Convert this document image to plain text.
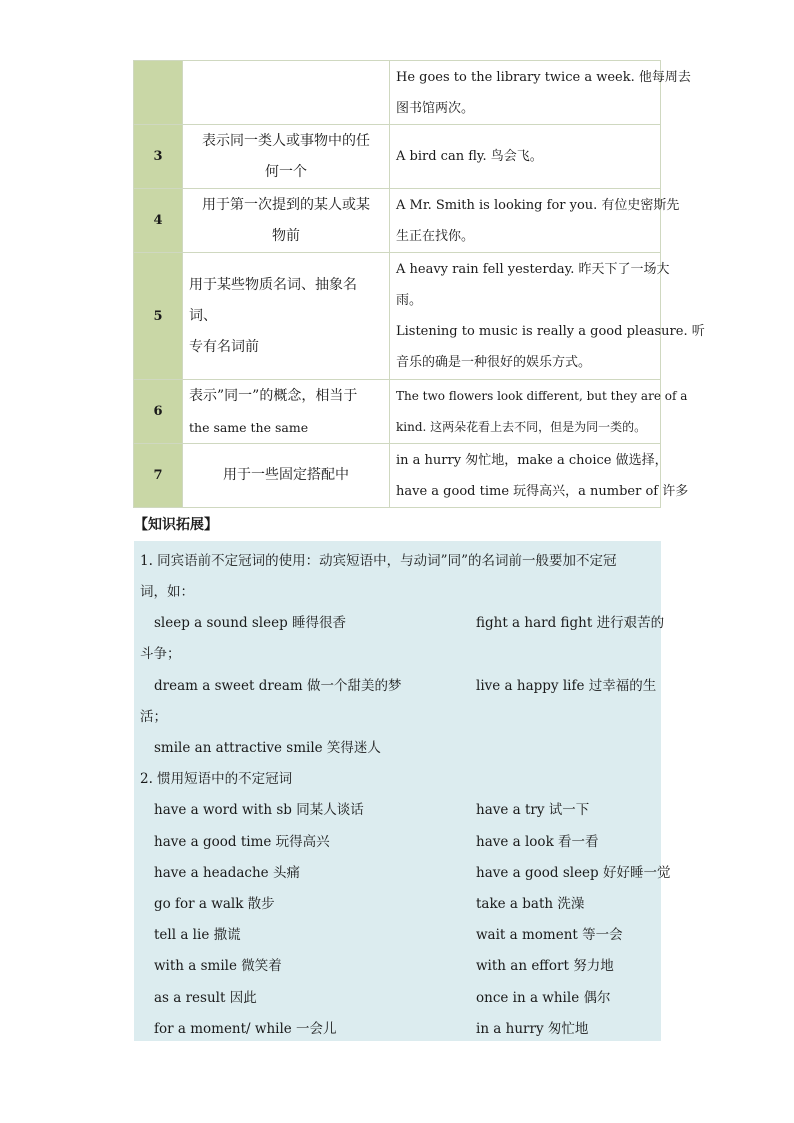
		He goes to the library twice a week. 他每周去
图书馆两次。

3	表示同一类人或事物中的任
何一个	A bird can fly. 鸟会飞。

4	用于第一次提到的某人或某
物前	A Mr. Smith is looking for you. 有位史密斯先
生正在找你。

5	用于某些物质名词、抽象名词、
专有名词前	A heavy rain fell yesterday. 昨天下了一场大
雨。
Listening to music is really a good pleasure. 听
音乐的确是一种很好的娱乐方式。

6	表示”同一”的概念，相当于
the same the same	The two flowers look different, but they are of a
kind. 这两朵花看上去不同，但是为同一类的。

7	用于一些固定搭配中	in a hurry 匆忙地，make a choice 做选择，
have a good time 玩得高兴，a number of 许多
【知识拓展】
1. 同宾语前不定冠词的使用：动宾短语中，与动词”同”的名词前一般要加不定冠
词，如：
sleep a sound sleep 睡得很香	fight a hard fight 进行艰苦的
斗争；
dream a sweet dream 做一个甜美的梦	live a happy life 过幸福的生
活；
smile an attractive smile 笑得迷人
2. 惯用短语中的不定冠词
have a word with sb 同某人谈话	have a try 试一下
have a good time 玩得高兴	have a look 看一看
have a headache 头痛	have a good sleep 好好睡一觉
go for a walk 散步	take a bath 洗澡
tell a lie 撒谎	wait a moment 等一会
with a smile 微笑着	with an effort 努力地
as a result 因此	once in a while 偶尔
for a moment/ while 一会儿	in a hurry 匆忙地
